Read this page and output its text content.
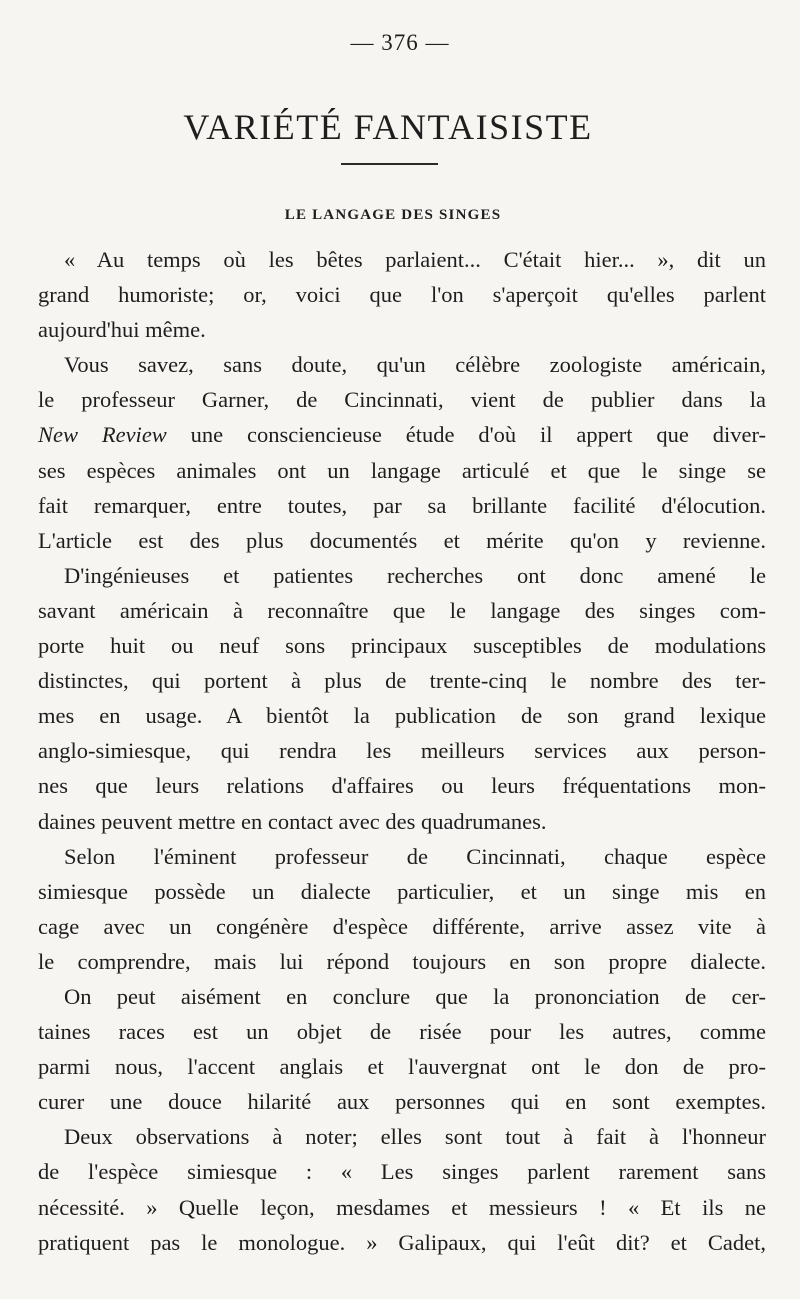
— 376 —
VARIÉTÉ FANTAISISTE
LE LANGAGE DES SINGES

« Au temps où les bêtes parlaient... C'était hier... », dit un
grand humoriste; or, voici que l'on s'aperçoit qu'elles parlent
aujourd'hui même.

Vous savez, sans doute, qu'un célèbre zoologiste américain,
le professeur Garner, de Cincinnati, vient de publier dans la
New Review une consciencieuse étude d'où il appert que diver-
ses espèces animales ont un langage articulé et que le singe se
fait remarquer, entre toutes, par sa brillante facilité d'élocution.
L'article est des plus documentés et mérite qu'on y revienne.

D'ingénieuses et patientes recherches ont donc amené le
savant américain à reconnaître que le langage des singes com-
porte huit ou neuf sons principaux susceptibles de modulations
distinctes, qui portent à plus de trente-cinq le nombre des ter-
mes en usage. A bientôt la publication de son grand lexique
anglo-simiesque, qui rendra les meilleurs services aux person-
nes que leurs relations d'affaires ou leurs fréquentations mon-
daines peuvent mettre en contact avec des quadrumanes.

Selon l'éminent professeur de Cincinnati, chaque espèce
simiesque possède un dialecte particulier, et un singe mis en
cage avec un congénère d'espèce différente, arrive assez vite à
le comprendre, mais lui répond toujours en son propre dialecte.

On peut aisément en conclure que la prononciation de cer-
taines races est un objet de risée pour les autres, comme
parmi nous, l'accent anglais et l'auvergnat ont le don de pro-
curer une douce hilarité aux personnes qui en sont exemptes.

Deux observations à noter; elles sont tout à fait à l'honneur
de l'espèce simiesque : « Les singes parlent rarement sans
nécessité. » Quelle leçon, mesdames et messieurs ! « Et ils ne
pratiquent pas le monologue. » Galipaux, qui l'eût dit? et Cadet,
